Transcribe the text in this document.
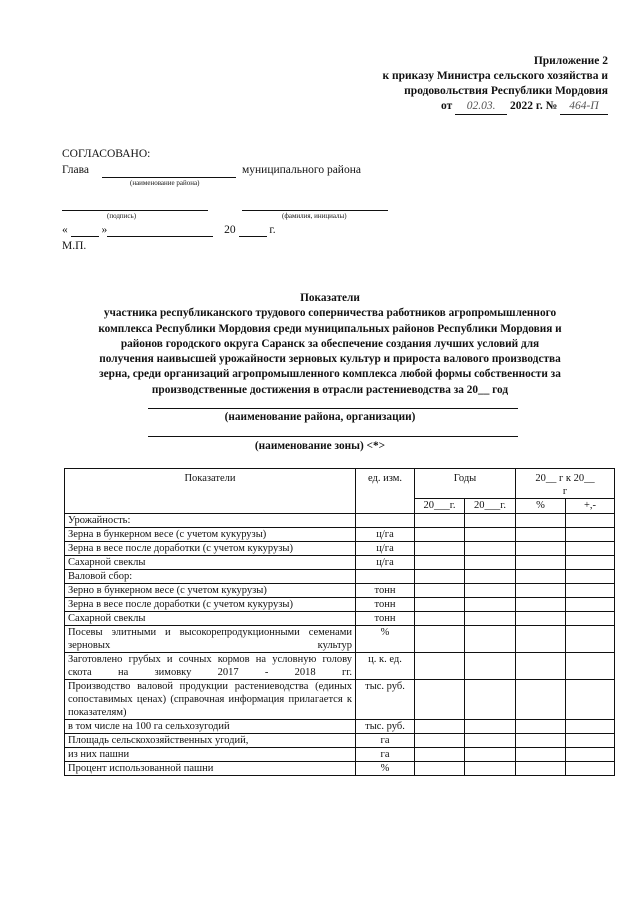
Приложение 2
к приказу Министра сельского хозяйства и
продовольствия Республики Мордовия
от 02.03. 2022 г. № 464-П
СОГЛАСОВАНО:
Глава	муниципального района
(наименование района)
(подпись)	(фамилия, инициалы)
«	»	20	г.
М.П.
Показатели
участника республиканского трудового соперничества работников агропромышленного
комплекса Республики Мордовия среди муниципальных районов Республики Мордовия и
районов городского округа Саранск за обеспечение создания лучших условий для
получения наивысшей урожайности зерновых культур и прироста валового производства
зерна, среди организаций агропромышленного комплекса любой формы собственности за
производственные достижения в отрасли растениеводства за 20__ год
(наименование района, организации)
(наименование зоны) <*>
Показатели	ед. изм.	Годы		20__ г к 20__
г	

		20___г.	20___г.	%	+,-
Урожайность:					
Зерна в бункерном весе (с учетом кукурузы)	ц/га				
Зерна в весе после доработки (с учетом кукурузы)	ц/га				
Сахарной свеклы	ц/га				
Валовой сбор:					
Зерно в бункерном весе (с учетом кукурузы)	тонн				
Зерна в весе после доработки (с учетом кукурузы)	тонн				
Сахарной свеклы	тонн				
Посевы элитными и высокорепродукционными семенами зерновых культур	%				
Заготовлено грубых и сочных кормов на условную голову скота на зимовку 2017 - 2018 гг.	ц. к. ед.				
Производство валовой продукции растениеводства (единых сопоставимых ценах) (справочная информация прилагается к показателям)	тыс. руб.				
в том числе на 100 га сельхозугодий	тыс. руб.				
Площадь сельскохозяйственных угодий,	га				
из них пашни	га				
Процент использованной пашни	%				
